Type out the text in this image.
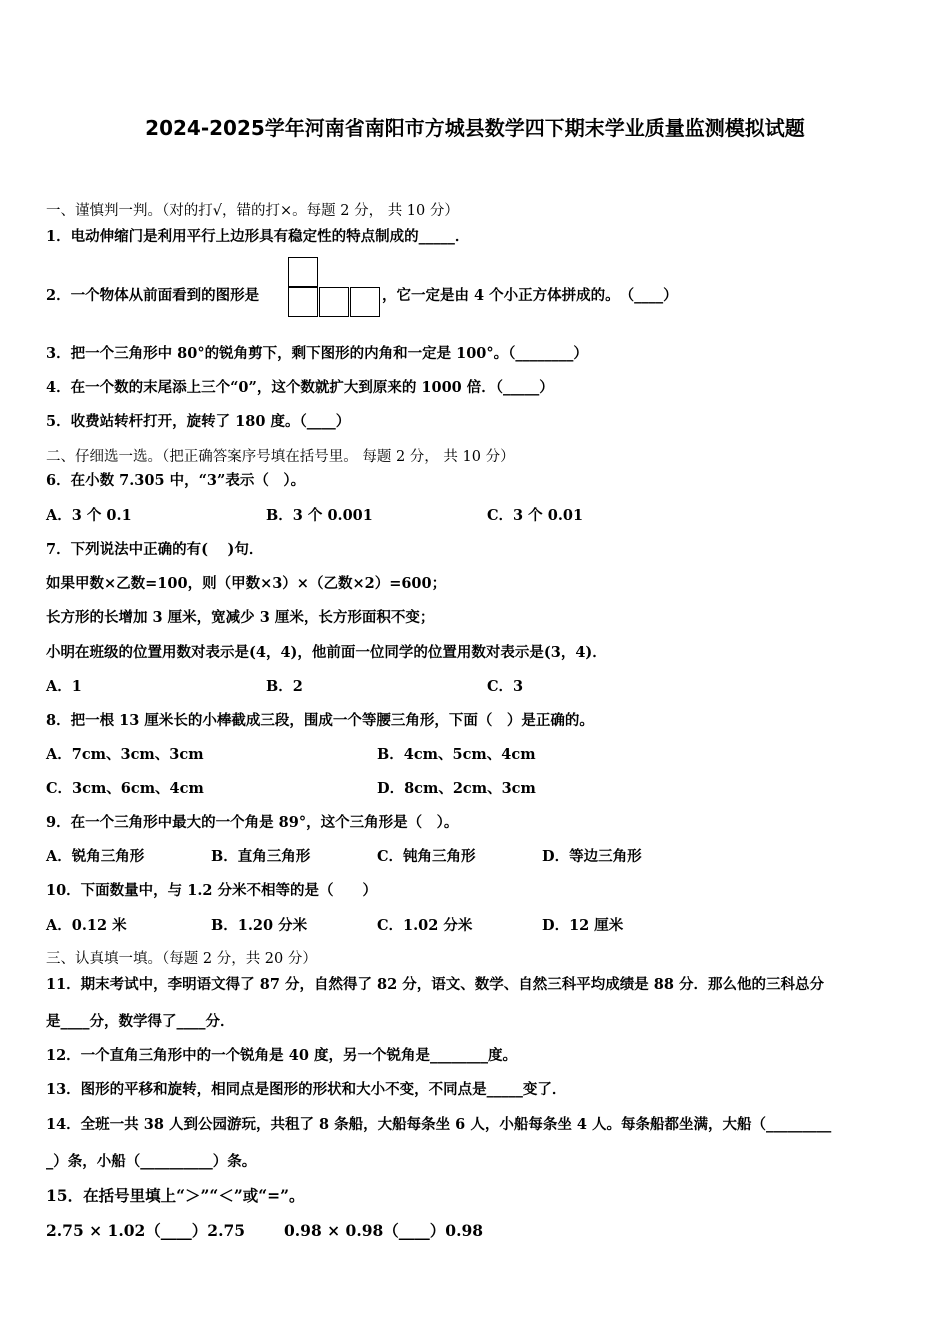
2024-2025学年河南省南阳市方城县数学四下期末学业质量监测模拟试题
一、谨慎判一判。（对的打√，错的打×。每题 2 分， 共 10 分）
1．电动伸缩门是利用平行上边形具有稳定性的特点制成的_____．
2．一个物体从前面看到的图形是	，它一定是由 4 个小正方体拼成的。　（____）
3．把一个三角形中 80°的锐角剪下，剩下图形的内角和一定是 100°。（________）
4．在一个数的末尾添上三个“0”，这个数就扩大到原来的 1000 倍．（_____）
5．收费站转杆打开，旋转了 180 度。（____）
二、仔细选一选。（把正确答案序号填在括号里。 每题 2 分， 共 10 分）
6．在小数 7.305 中，“3”表示（　）。
A．3 个 0.1	B．3 个 0.001	C．3 个 0.01
7．下列说法中正确的有(　 )句．
如果甲数×乙数=100，则（甲数×3）×（乙数×2）=600；
长方形的长增加 3 厘米，宽减少 3 厘米，长方形面积不变；
小明在班级的位置用数对表示是(4，4)，他前面一位同学的位置用数对表示是(3，4)．
A．1	B．2	C．3
8．把一根 13 厘米长的小棒截成三段，围成一个等腰三角形，下面（　）是正确的。
A．7cm、3cm、3cm	B．4cm、5cm、4cm
C．3cm、6cm、4cm	D．8cm、2cm、3cm
9．在一个三角形中最大的一个角是 89°，这个三角形是（　）。
A．锐角三角形	B．直角三角形	C．钝角三角形	D．等边三角形
10．下面数量中，与 1.2 分米不相等的是（　　）
A．0.12 米	B．1.20 分米	C．1.02 分米	D．12 厘米
三、认真填一填。（每题 2 分，共 20 分）
11．期末考试中，李明语文得了 87 分，自然得了 82 分，语文、数学、自然三科平均成绩是 88 分．那么他的三科总分
是____分，数学得了____分．
12．一个直角三角形中的一个锐角是 40 度，另一个锐角是________度。
13．图形的平移和旋转，相同点是图形的形状和大小不变，不同点是_____变了．
14．全班一共 38 人到公园游玩，共租了 8 条船，大船每条坐 6 人，小船每条坐 4 人。每条船都坐满，大船（_________
_）条，小船（__________）条。
15．在括号里填上“＞”“＜”或“=”。
2.75 × 1.02（____）2.75	0.98 × 0.98（____）0.98
